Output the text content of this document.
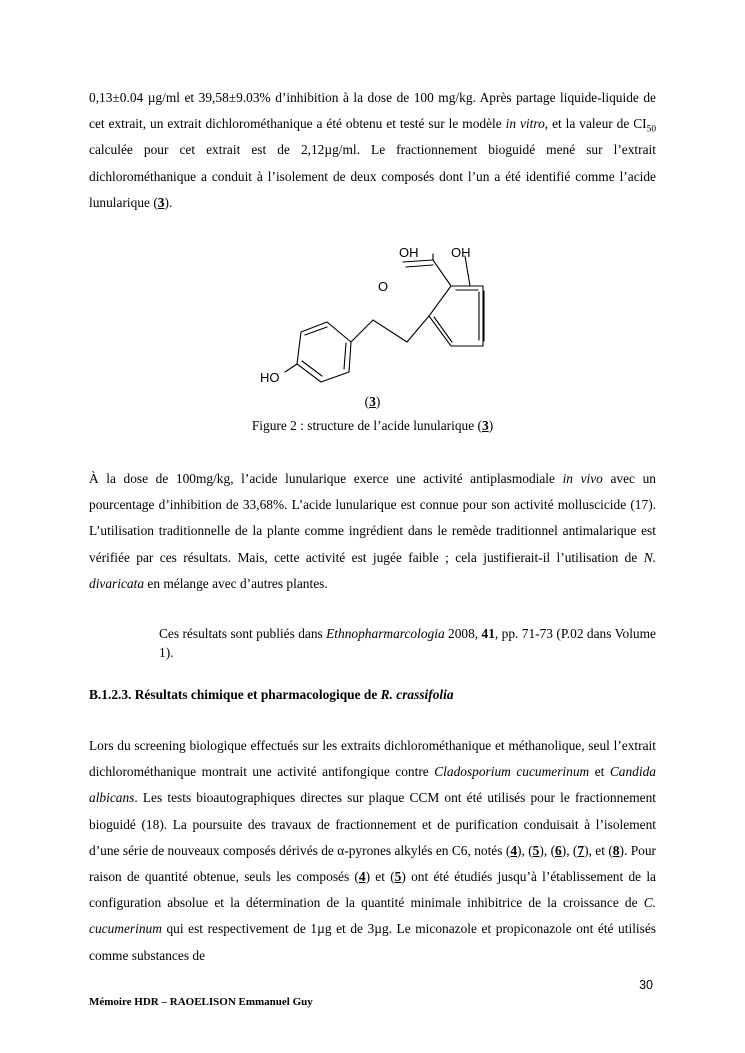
0,13±0.04 µg/ml et 39,58±9.03% d’inhibition à la dose de 100 mg/kg. Après partage liquide-liquide de cet extrait, un extrait dichlorométhanique a été obtenu et testé sur le modèle in vitro, et la valeur de $CI_{50}$ calculée pour cet extrait est de 2,12µg/ml. Le fractionnement bioguidé mené sur l’extrait dichlorométhanique a conduit à l’isolement de deux composés dont l’un a été identifié comme l’acide lunularique (3).

OH	OH
O
HO
(3)
Figure 2 : structure de l’acide lunularique (3)

À la dose de 100mg/kg, l’acide lunularique exerce une activité antiplasmodiale in vivo avec un pourcentage d’inhibition de 33,68%. L’acide lunularique est connue pour son activité molluscicide (17). L’utilisation traditionnelle de la plante comme ingrédient dans le remède traditionnel antimalarique est vérifiée par ces résultats. Mais, cette activité est jugée faible ; cela justifierait-il l’utilisation de N. divaricata en mélange avec d’autres plantes.

Ces résultats sont publiés dans Ethnopharmarcologia 2008, 41, pp. 71-73 (P.02 dans Volume 1).

B.1.2.3. Résultats chimique et pharmacologique de R. crassifolia

Lors du screening biologique effectués sur les extraits dichlorométhanique et méthanolique, seul l’extrait dichlorométhanique montrait une activité antifongique contre Cladosporium cucumerinum et Candida albicans. Les tests bioautographiques directes sur plaque CCM ont été utilisés pour le fractionnement bioguidé (18). La poursuite des travaux de fractionnement et de purification conduisait à l’isolement d’une série de nouveaux composés dérivés de α-pyrones alkylés en C6, notés (4), (5), (6), (7), et (8). Pour raison de quantité obtenue, seuls les composés (4) et (5) ont été étudiés jusqu’à l’établissement de la configuration absolue et la détermination de la quantité minimale inhibitrice de la croissance de C. cucumerinum qui est respectivement de 1µg et de 3µg. Le miconazole et propiconazole ont été utilisés comme substances de

30
Mémoire HDR – RAOELISON Emmanuel Guy
